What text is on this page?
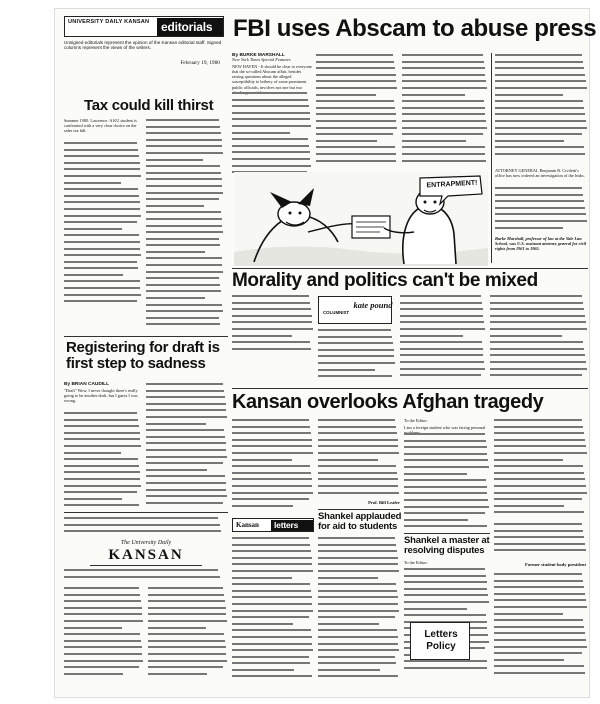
UNIVERSITY DAILY KANSAN editorials
Unsigned editorials represent the opinion of the Kansan editorial staff. Signed columns represent the views of the writers.
February 19, 1980
FBI uses Abscam to abuse press
Tax could kill thirst
Summer 1980. Lawrence. A KU student is confronted with a very clear choice on the sales tax bill.
By BURKE MARSHALL
New York Times Special Features
NEW HAVEN - It should be clear to everyone that the so-called Abscam affair, besides raising questions about the alleged susceptibility to bribery of some prominent public officials, involves not one but two
ATTORNEY GENERAL Benjamin R. Civiletti's office has now ordered an investigation of the leaks.
Burke Marshall, professor of law at the Yale Law School, was U.S. assistant attorney general for civil rights from 1961 to 1965.
ENTRAPMENT!
Morality and politics can't be mixed
COLUMNIST
kate pound
Registering for draft is first step to sadness
By BRIAN CAUDILL
"Draft" Wow, I never thought there's really going to be another draft, but I guess I was wrong.	Kansan overlooks Afghan tragedy
Kansan	letters
Prof. Bill Leafer
Shankel applauded for aid to students
To the Editor:
I am a foreign student who was facing personal
Shankel a master at resolving disputes
To the Editor:	Former student body president
The University Daily
KANSAN
Letters Policy
